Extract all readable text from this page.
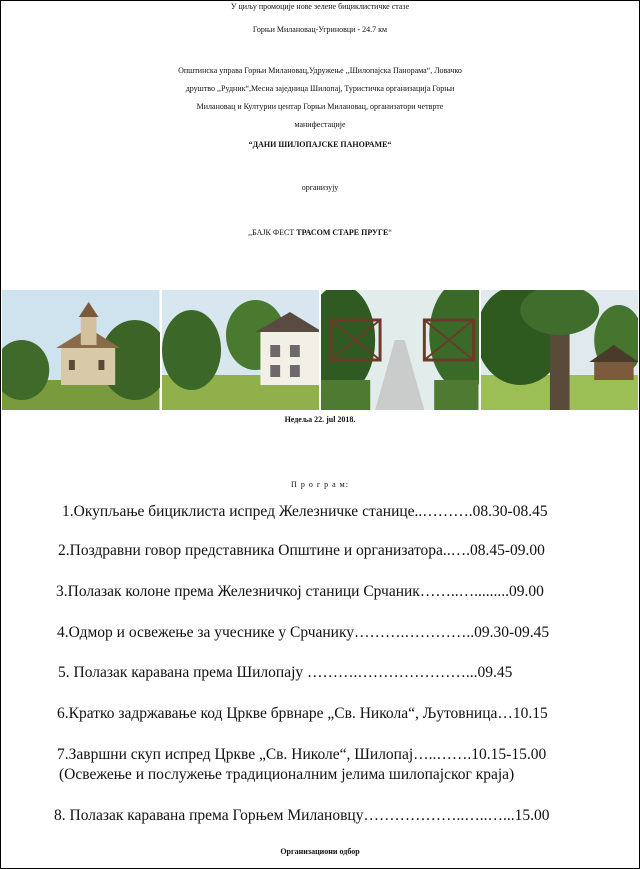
У циљу промоције нове зелене бициклистичке стазе
Горњи Милановац-Угриновци - 24.7 км
Општинска управа Горњи Милановац,Удружење ,,Шилопајска Панорама“, Ловачко
друштво ,,Рудник“,Месна заједница Шилопај, Туристичка организација Горњи
Милановац и Културни центар Горњи Милановац, организатори четврте
манифестације
“ДАНИ ШИЛОПАЈСКЕ ПАНОРАМЕ“
организују
,,БАЈК ФЕСТ ТРАСОМ СТАРЕ ПРУГЕ“
Недеља 22. jul 2018.
П р о г р а м:
1.Окупљање бициклиста испред Железничке станице..……….08.30-08.45
2.Поздравни говор представника Општине и организатора..….08.45-09.00
3.Полазак колоне према Железничкој станици Срчаник……..….........09.00
4.Одмор и освежење за учеснике у Срчанику……….…………..09.30-09.45
5. Полазак каравана према Шилопају ……….…………………...09.45
6.Кратко задржавање код Цркве брвнаре „Св. Никола“, Љутовница…10.15
7.Завршни скуп испред Цркве „Св. Николе“, Шилопај…..…….10.15-15.00
(Освежење и послужење традиционалним јелима шилопајског краја)
8. Полазак каравана према Горњем Милановцу………………..…..…...15.00
Организациони одбор
